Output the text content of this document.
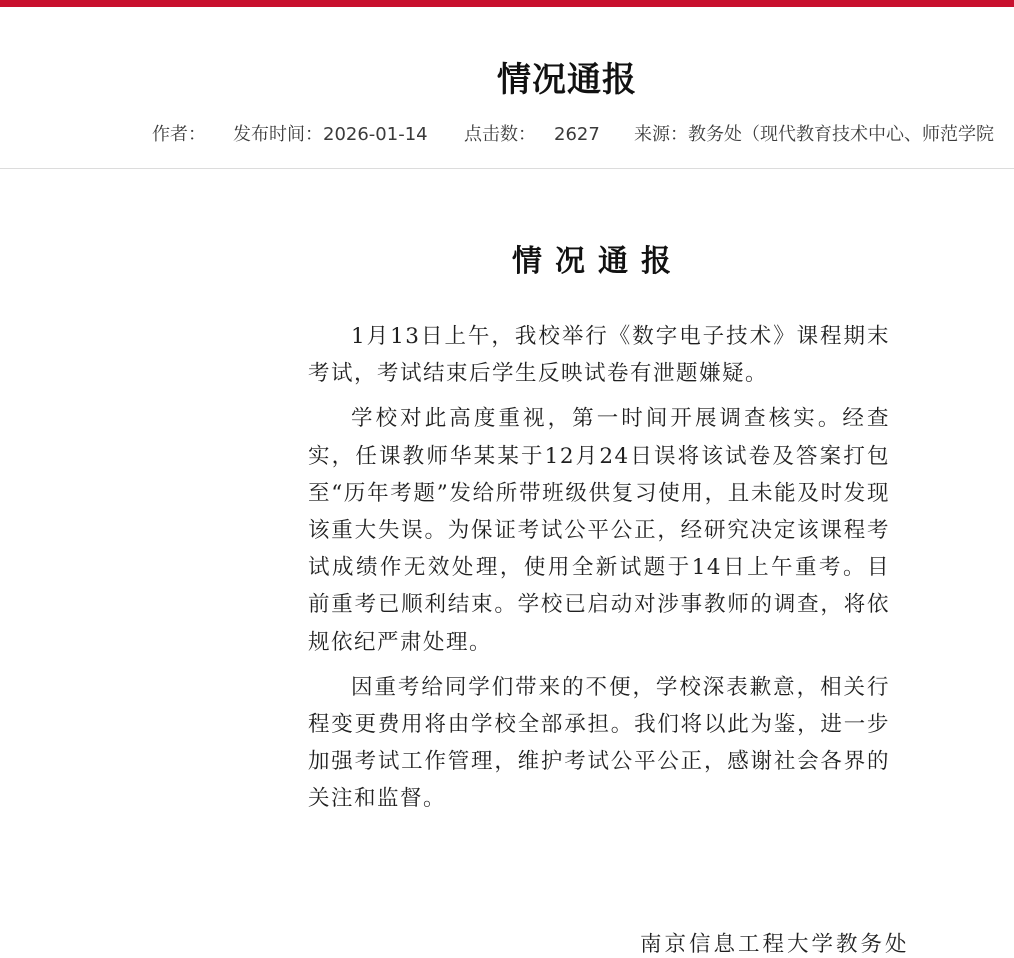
情况通报
作者： 发布时间：2026-01-14 点击数： 2627 来源：教务处（现代教育技术中心、师范学院
情况通报

1月13日上午，我校举行《数字电子技术》课程期末考试，考试结束后学生反映试卷有泄题嫌疑。

学校对此高度重视，第一时间开展调查核实。经查实，任课教师华某某于12月24日误将该试卷及答案打包至“历年考题”发给所带班级供复习使用，且未能及时发现该重大失误。为保证考试公平公正，经研究决定该课程考试成绩作无效处理，使用全新试题于14日上午重考。目前重考已顺利结束。学校已启动对涉事教师的调查，将依规依纪严肃处理。

因重考给同学们带来的不便，学校深表歉意，相关行程变更费用将由学校全部承担。我们将以此为鉴，进一步加强考试工作管理，维护考试公平公正，感谢社会各界的关注和监督。

南京信息工程大学教务处
